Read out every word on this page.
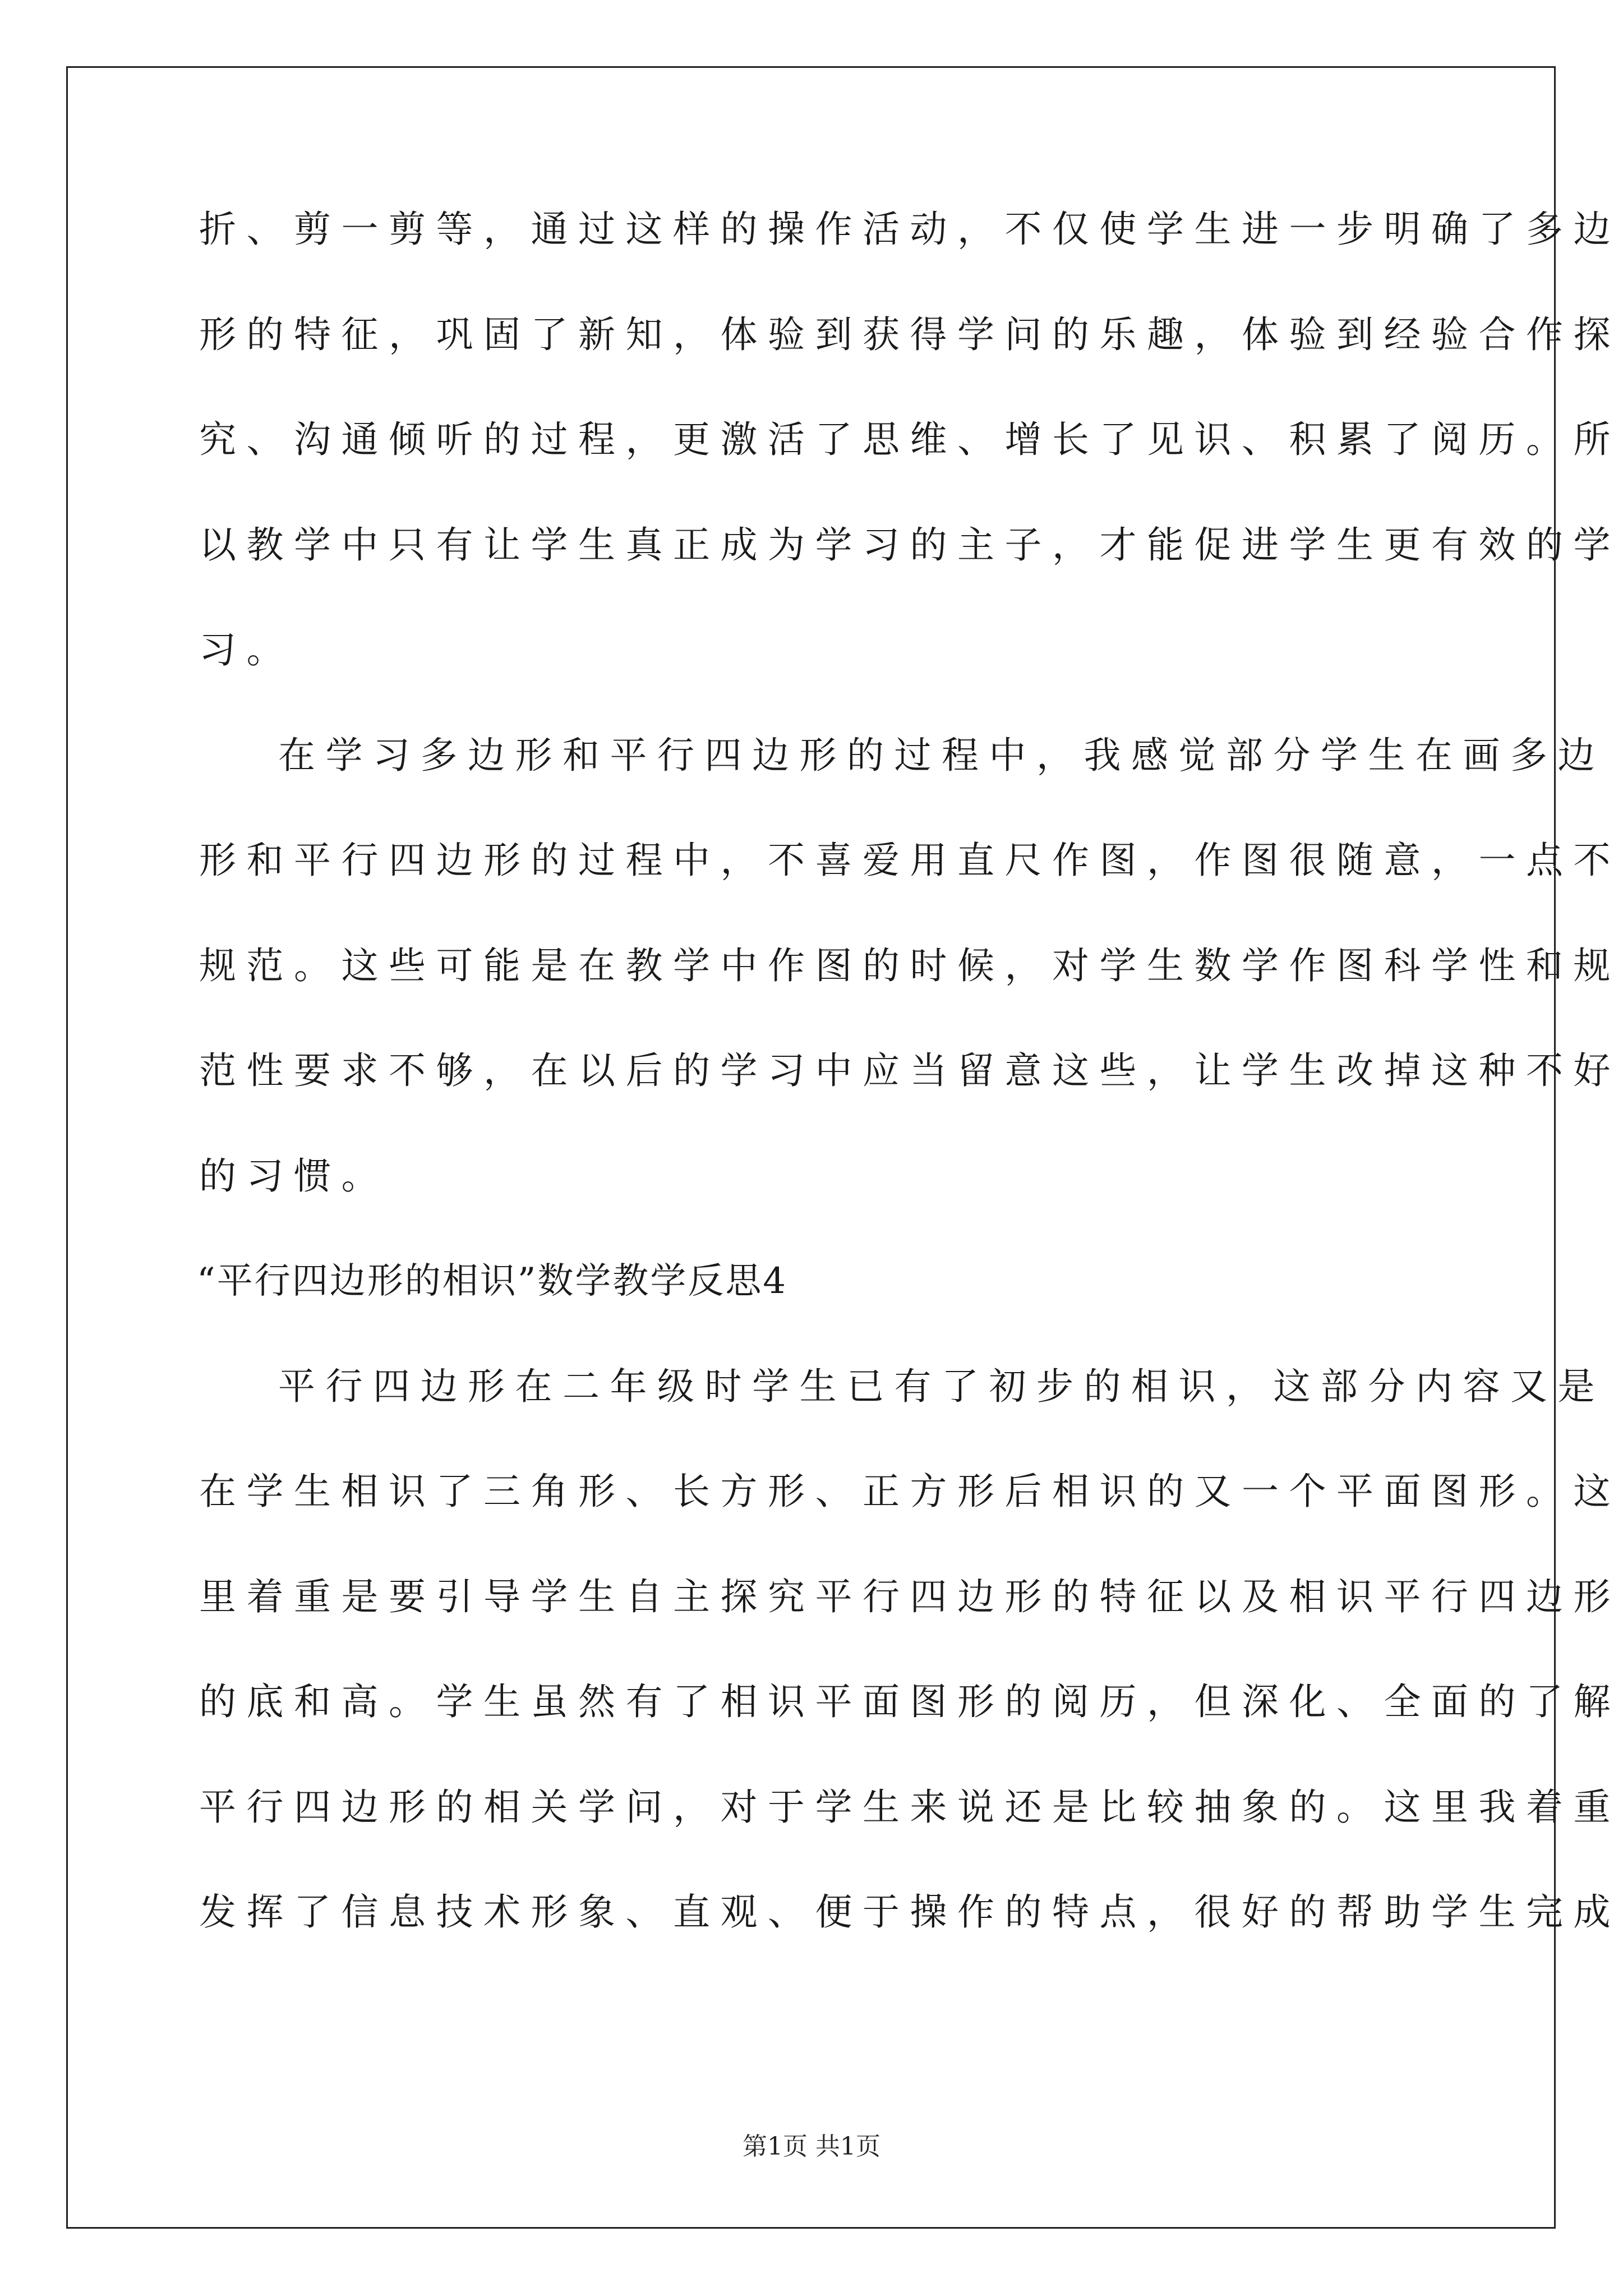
折、剪一剪等，通过这样的操作活动，不仅使学生进一步明确了多边
形的特征，巩固了新知，体验到获得学问的乐趣，体验到经验合作探
究、沟通倾听的过程，更激活了思维、增长了见识、积累了阅历。所
以教学中只有让学生真正成为学习的主子，才能促进学生更有效的学
习。
在学习多边形和平行四边形的过程中，我感觉部分学生在画多边
形和平行四边形的过程中，不喜爱用直尺作图，作图很随意，一点不
规范。这些可能是在教学中作图的时候，对学生数学作图科学性和规
范性要求不够，在以后的学习中应当留意这些，让学生改掉这种不好
的习惯。
“平行四边形的相识”数学教学反思4
平行四边形在二年级时学生已有了初步的相识，这部分内容又是
在学生相识了三角形、长方形、正方形后相识的又一个平面图形。这
里着重是要引导学生自主探究平行四边形的特征以及相识平行四边形
的底和高。学生虽然有了相识平面图形的阅历，但深化、全面的了解
平行四边形的相关学问，对于学生来说还是比较抽象的。这里我着重
发挥了信息技术形象、直观、便于操作的特点，很好的帮助学生完成
第1页 共1页
